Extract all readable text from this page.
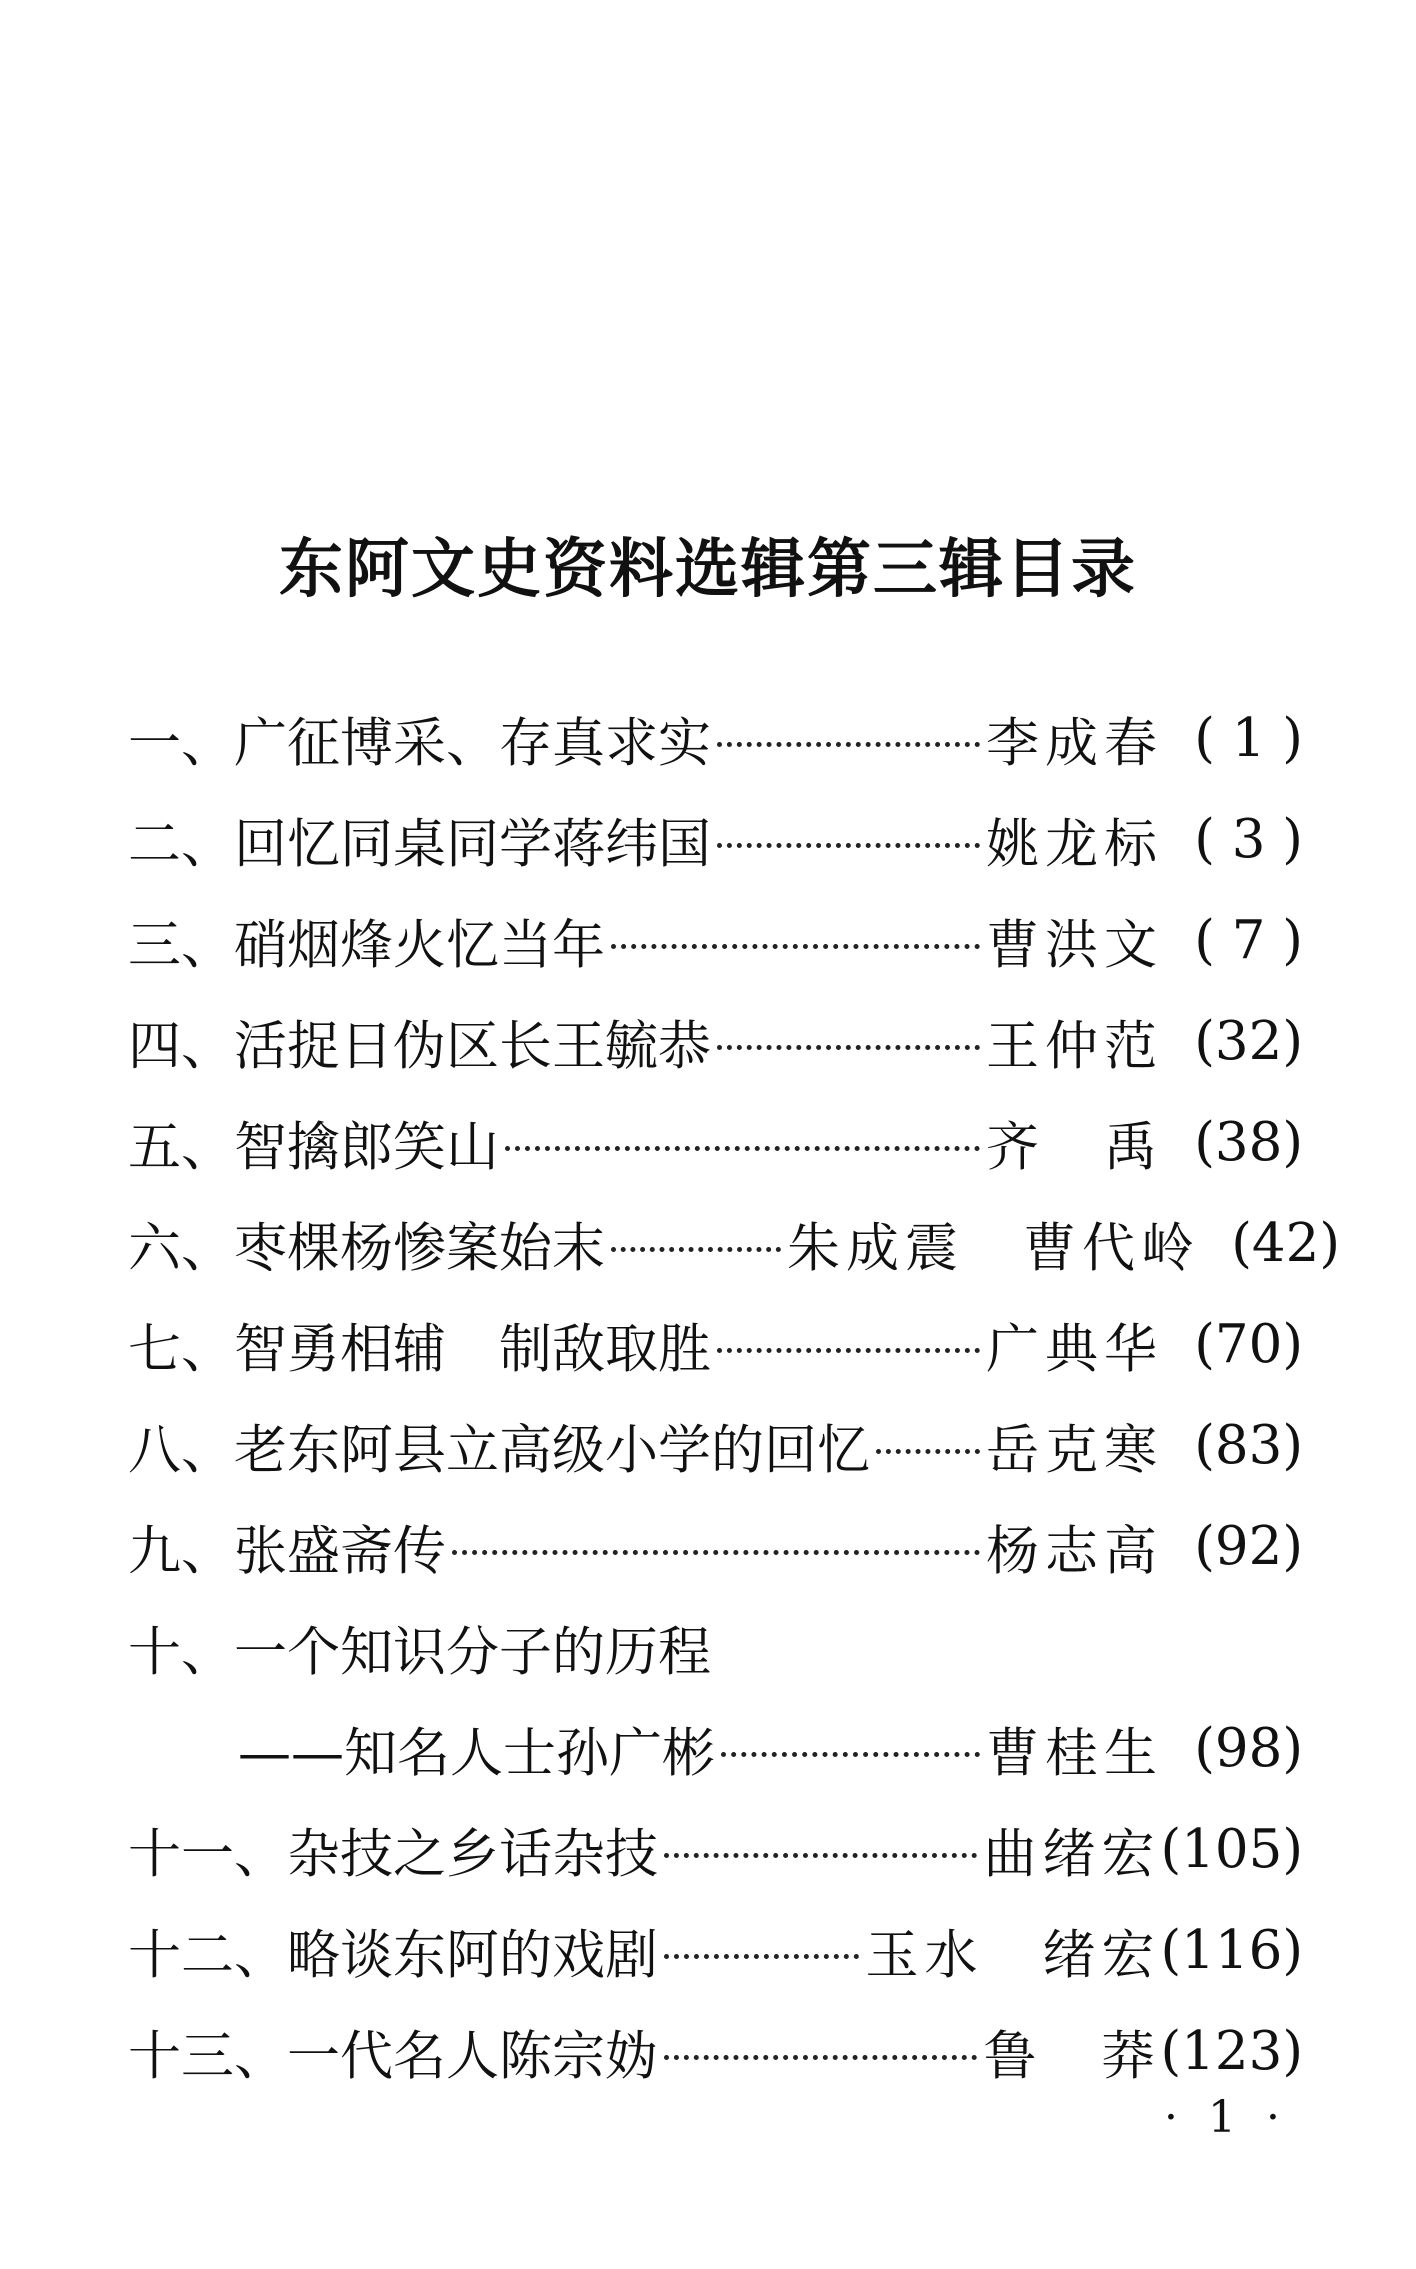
东阿文史资料选辑第三辑目录
一、 广征博采、存真求实	李成春 ( 1 )
二、 回忆同桌同学蒋纬国	姚龙标 ( 3 )
三、 硝烟烽火忆当年	曹洪文 ( 7 )
四、 活捉日伪区长王毓恭	王仲范 (32)
五、 智擒郎笑山	齐　禹 (38)
六、 枣棵杨惨案始末	朱成震　曹代岭 (42)
七、 智勇相辅　制敌取胜	广典华 (70)
八、 老东阿县立高级小学的回忆 岳克寒 (83)
九、 张盛斋传	杨志高 (92)
十、 一个知识分子的历程
——知名人士孙广彬	曹桂生 (98)
十一、 杂技之乡话杂技	曲绪宏 (105)
十二、 略谈东阿的戏剧	玉水　绪宏 (116)
十三、 一代名人陈宗妫	鲁　莽 (123)
· 1 ·
